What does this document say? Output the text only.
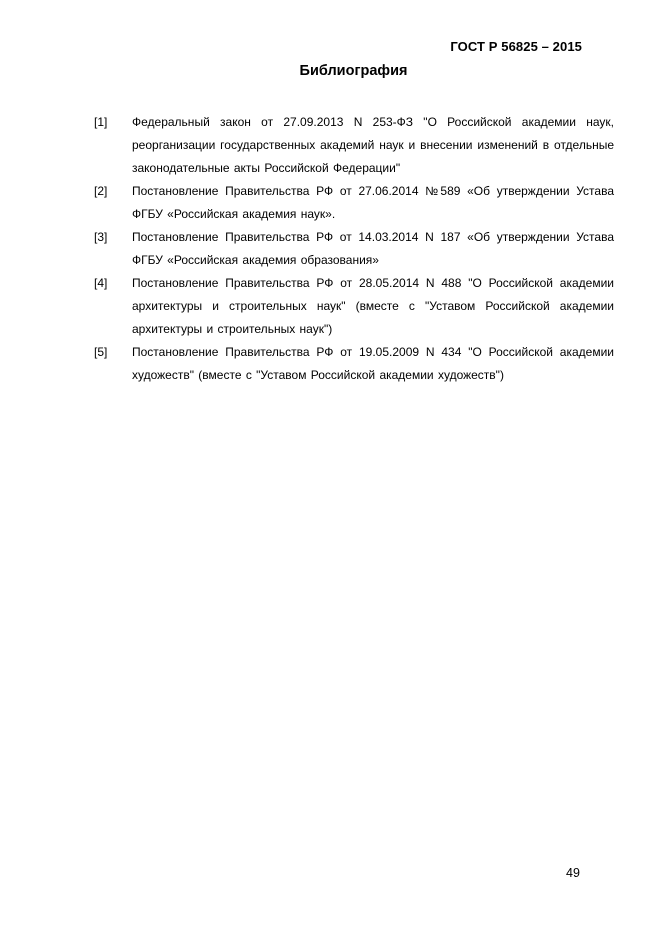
ГОСТ Р 56825 – 2015
Библиография
[1]	Федеральный закон от 27.09.2013 N 253-ФЗ "О Российской академии наук, реорганизации государственных академий наук и внесении изменений в отдельные законодательные акты Российской Федерации"
[2]	Постановление Правительства РФ от 27.06.2014 №589 «Об утверждении Устава ФГБУ «Российская академия наук».
[3]	Постановление Правительства РФ от 14.03.2014 N 187 «Об утверждении Устава ФГБУ «Российская академия образования»
[4]	Постановление Правительства РФ от 28.05.2014 N 488 "О Российской академии архитектуры и строительных наук" (вместе с "Уставом Российской академии архитектуры и строительных наук")
[5]	Постановление Правительства РФ от 19.05.2009 N 434 "О Российской академии художеств" (вместе с "Уставом Российской академии художеств")
49
